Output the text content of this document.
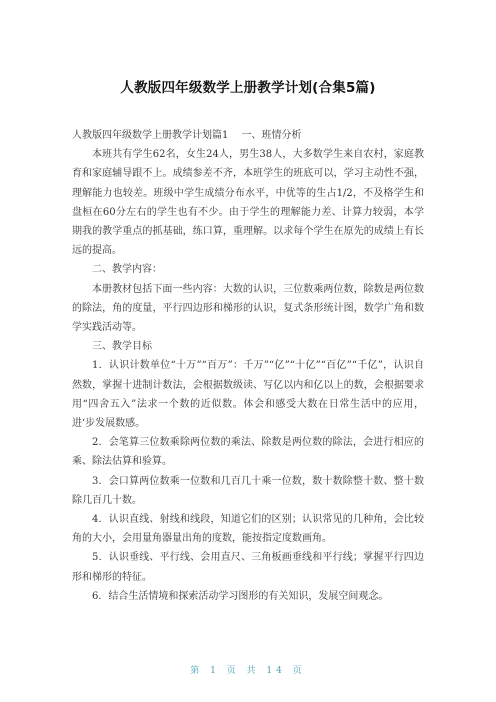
人教版四年级数学上册教学计划(合集5篇)

人教版四年级数学上册教学计划篇1　 一、班情分析

本班共有学生62名，女生24人，男生38人，大多数学生来自农村，家庭教育和家庭辅导跟不上。成绩参差不齐，本班学生的班底可以，学习主动性不强，理解能力也较差。班级中学生成绩分布水平，中优等的生占1/2，不及格学生和盘桓在60分左右的学生也有不少。由于学生的理解能力差、计算力较弱，本学期我的教学重点的抓基础，练口算，重理解。以求每个学生在原先的成绩上有长远的提高。

二、教学内容：

本册教材包括下面一些内容：大数的认识，三位数乘两位数，除数是两位数的除法，角的度量，平行四边形和梯形的认识，复式条形统计图，数学广角和数学实践活动等。

三、教学目标

1．认识计数单位“十万”“百万”：千万”“亿”“十亿”“百亿”“千亿”，认识自然数，掌握十进制计数法，会根据数级读、写亿以内和亿以上的数，会根据要求用“四舍五入”法求一个数的近似数。体会和感受大数在日常生活中的应用，进‘步发展数感。

2．会笔算三位数乘除两位数的乘法、除数是两位数的除法，会进行相应的乘、除法估算和验算。

3．会口算两位数乘一位数和几百几十乘一位数，数十数除整十数、整十数除几百几十数。

4．认识直线、射线和线段，知道它们的区别；认识常见的几种角，会比较角的大小，会用量角器量出角的度数，能按指定度数画角。

5．认识垂线、平行线、会用直尺、三角板画垂线和平行线；掌握平行四边形和梯形的特征。

6．结合生活情境和探索活动学习图形的有关知识，发展空间观念。

第 1 页 共 14 页
